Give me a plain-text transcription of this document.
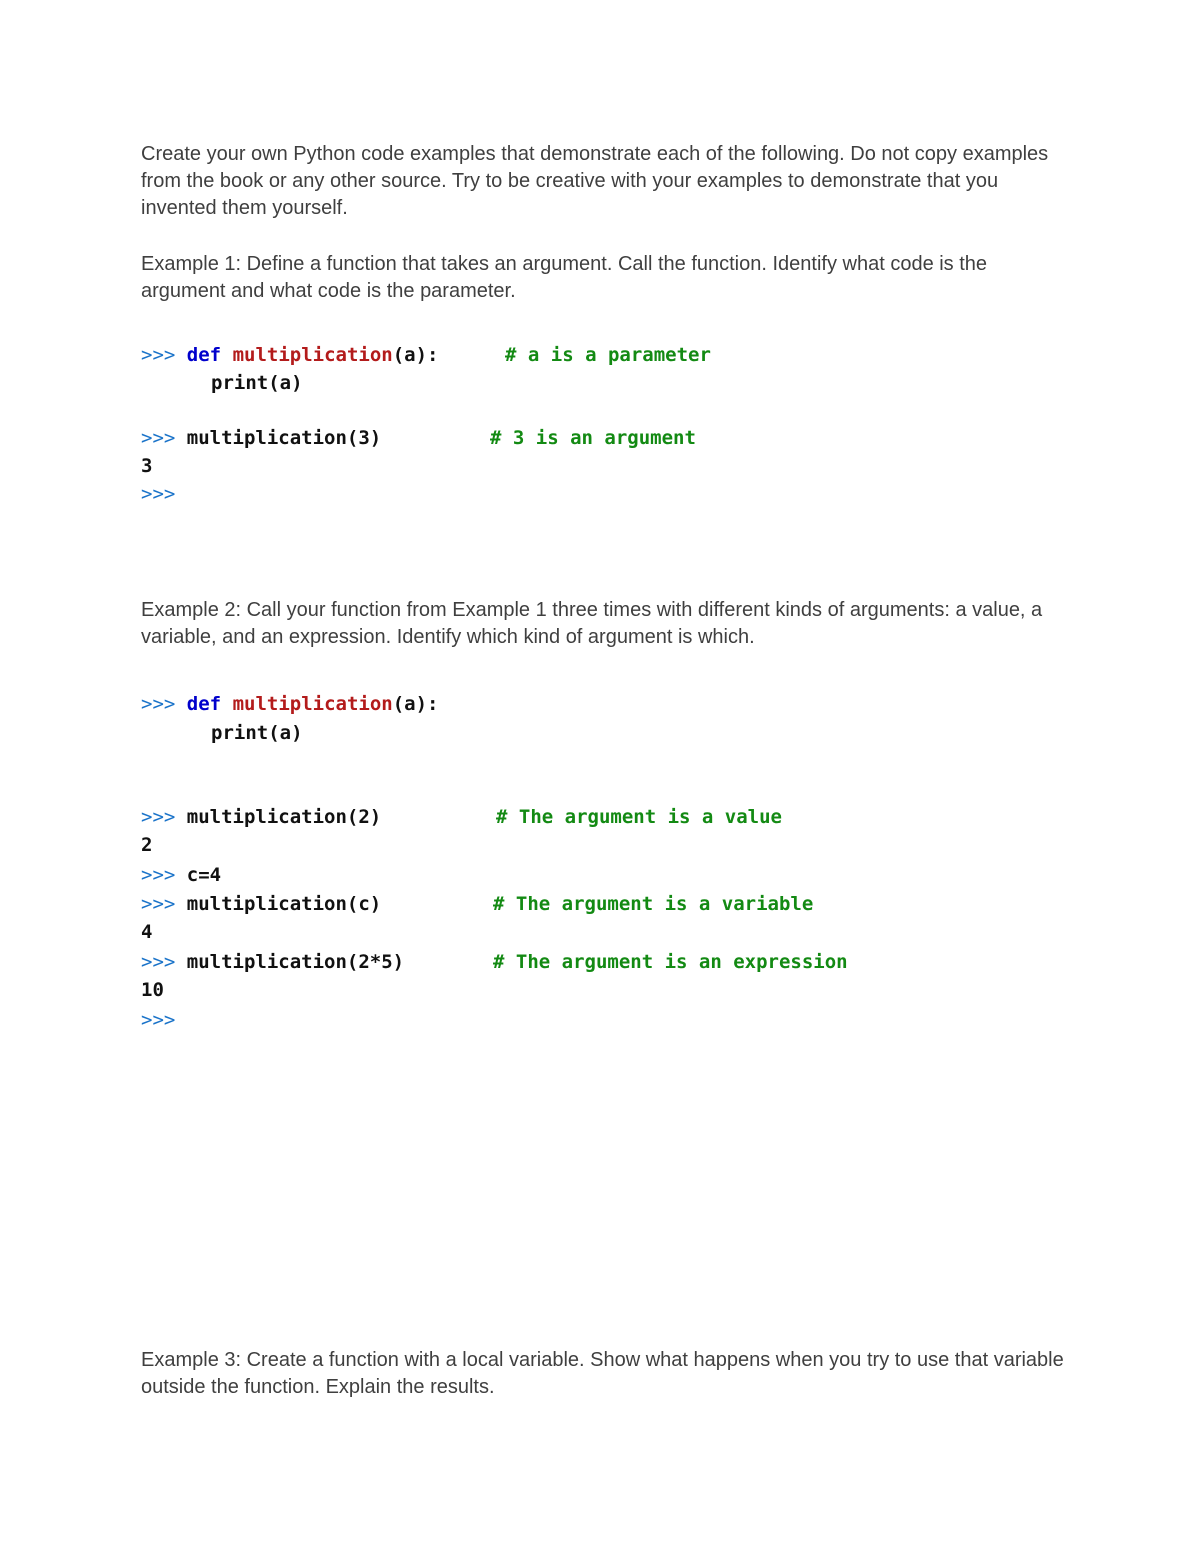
Create your own Python code examples that demonstrate each of the following. Do not copy examples from the book or any other source. Try to be creative with your examples to demonstrate that you invented them yourself.

Example 1: Define a function that takes an argument. Call the function. Identify what code is the argument and what code is the parameter.

>>> def multiplication(a):	# a is a parameter
print(a)
>>> multiplication(3)	# 3 is an argument
3
>>>

Example 2: Call your function from Example 1 three times with different kinds of arguments: a value, a variable, and an expression. Identify which kind of argument is which.

>>> def multiplication(a):
print(a)
>>> multiplication(2)	# The argument is a value
2
>>> c=4
>>> multiplication(c)	# The argument is a variable
4
>>> multiplication(2*5)	# The argument is an expression
10
>>>

Example 3: Create a function with a local variable. Show what happens when you try to use that variable outside the function. Explain the results.
